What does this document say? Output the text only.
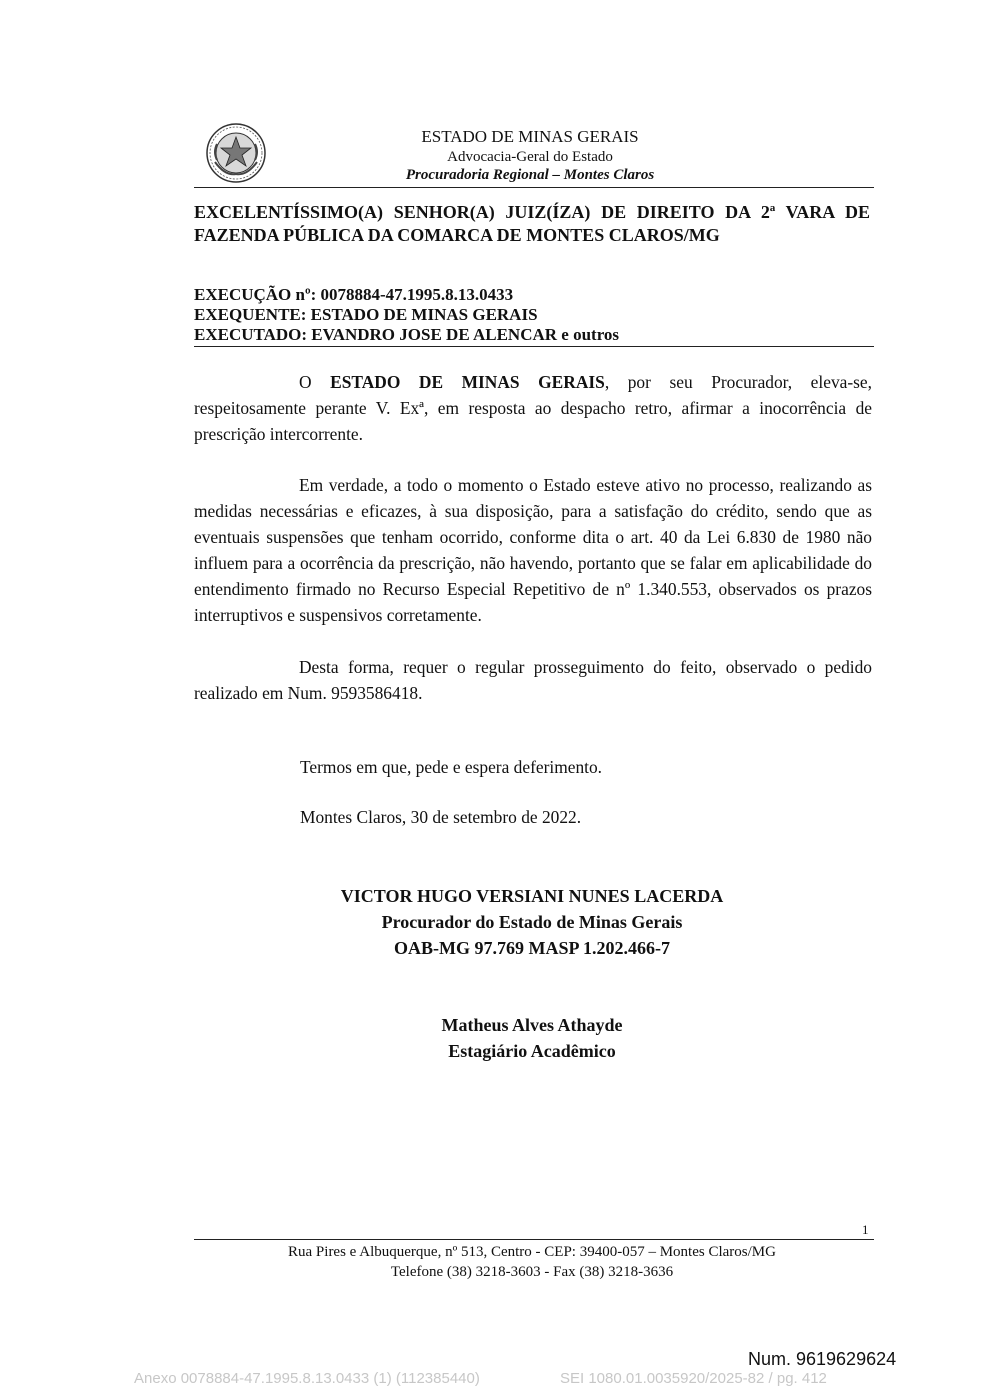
ESTADO DE MINAS GERAIS
Advocacia-Geral do Estado
Procuradoria Regional – Montes Claros
EXCELENTÍSSIMO(A) SENHOR(A) JUIZ(ÍZA) DE DIREITO DA 2ª VARA DE
FAZENDA PÚBLICA DA COMARCA DE MONTES CLAROS/MG
EXECUÇÃO nº: 0078884-47.1995.8.13.0433
EXEQUENTE: ESTADO DE MINAS GERAIS
EXECUTADO: EVANDRO JOSE DE ALENCAR e outros
O ESTADO DE MINAS GERAIS, por seu Procurador, eleva-se, respeitosamente perante V. Exª, em resposta ao despacho retro, afirmar a inocorrência de prescrição intercorrente.
Em verdade, a todo o momento o Estado esteve ativo no processo, realizando as medidas necessárias e eficazes, à sua disposição, para a satisfação do crédito, sendo que as eventuais suspensões que tenham ocorrido, conforme dita o art. 40 da Lei 6.830 de 1980 não influem para a ocorrência da prescrição, não havendo, portanto que se falar em aplicabilidade do entendimento firmado no Recurso Especial Repetitivo de nº 1.340.553, observados os prazos interruptivos e suspensivos corretamente.
Desta forma, requer o regular prosseguimento do feito, observado o pedido realizado em Num. 9593586418.
Termos em que, pede e espera deferimento.
Montes Claros, 30 de setembro de 2022.
VICTOR HUGO VERSIANI NUNES LACERDA
Procurador do Estado de Minas Gerais
OAB-MG 97.769 MASP 1.202.466-7
Matheus Alves Athayde
Estagiário Acadêmico
1
Rua Pires e Albuquerque, nº 513, Centro - CEP: 39400-057 – Montes Claros/MG
Telefone (38) 3218-3603 - Fax (38) 3218-3636
Num. 9619629624
Anexo 0078884-47.1995.8.13.0433 (1) (112385440)	SEI 1080.01.0035920/2025-82 / pg. 412
